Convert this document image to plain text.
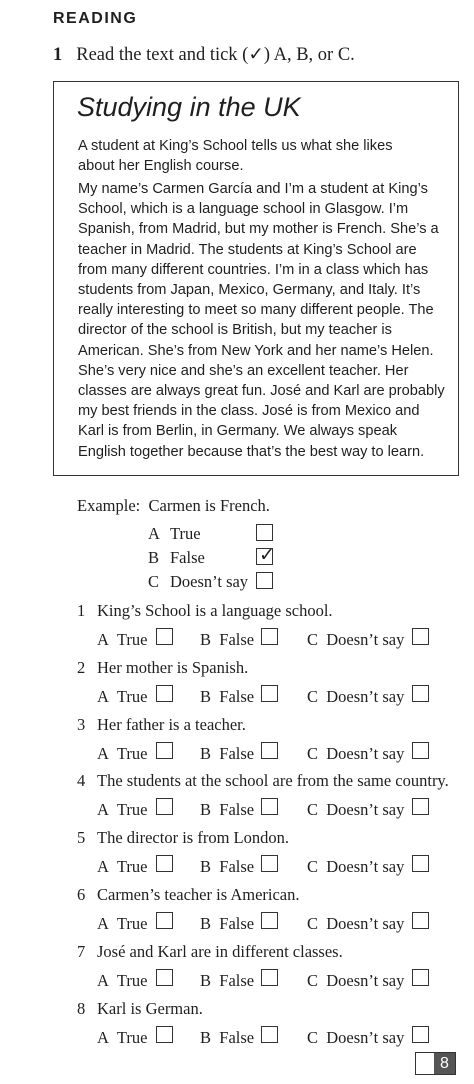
READING
1 Read the text and tick (✓) A, B, or C.
Studying in the UK
A student at King’s School tells us what she likes about her English course.
My name’s Carmen García and I’m a student at King’s
School, which is a language school in Glasgow. I’m
Spanish, from Madrid, but my mother is French. She’s a
teacher in Madrid. The students at King’s School are
from many different countries. I’m in a class which has
students from Japan, Mexico, Germany, and Italy. It’s
really interesting to meet so many different people. The
director of the school is British, but my teacher is
American. She’s from New York and her name’s Helen.
She’s very nice and she’s an excellent teacher. Her
classes are always great fun. José and Karl are probably
my best friends in the class. José is from Mexico and
Karl is from Berlin, in Germany. We always speak
English together because that’s the best way to learn.
Example: Carmen is French.
A True
B False	✓
C Doesn’t say
1 King’s School is a language school.
A True	B False	C Doesn’t say
2 Her mother is Spanish.
A True	B False	C Doesn’t say
3 Her father is a teacher.
A True	B False	C Doesn’t say
4 The students at the school are from the same country.
A True	B False	C Doesn’t say
5 The director is from London.
A True	B False	C Doesn’t say
6 Carmen’s teacher is American.
A True	B False	C Doesn’t say
7 José and Karl are in different classes.
A True	B False	C Doesn’t say
8 Karl is German.
A True	B False	C Doesn’t say
8
